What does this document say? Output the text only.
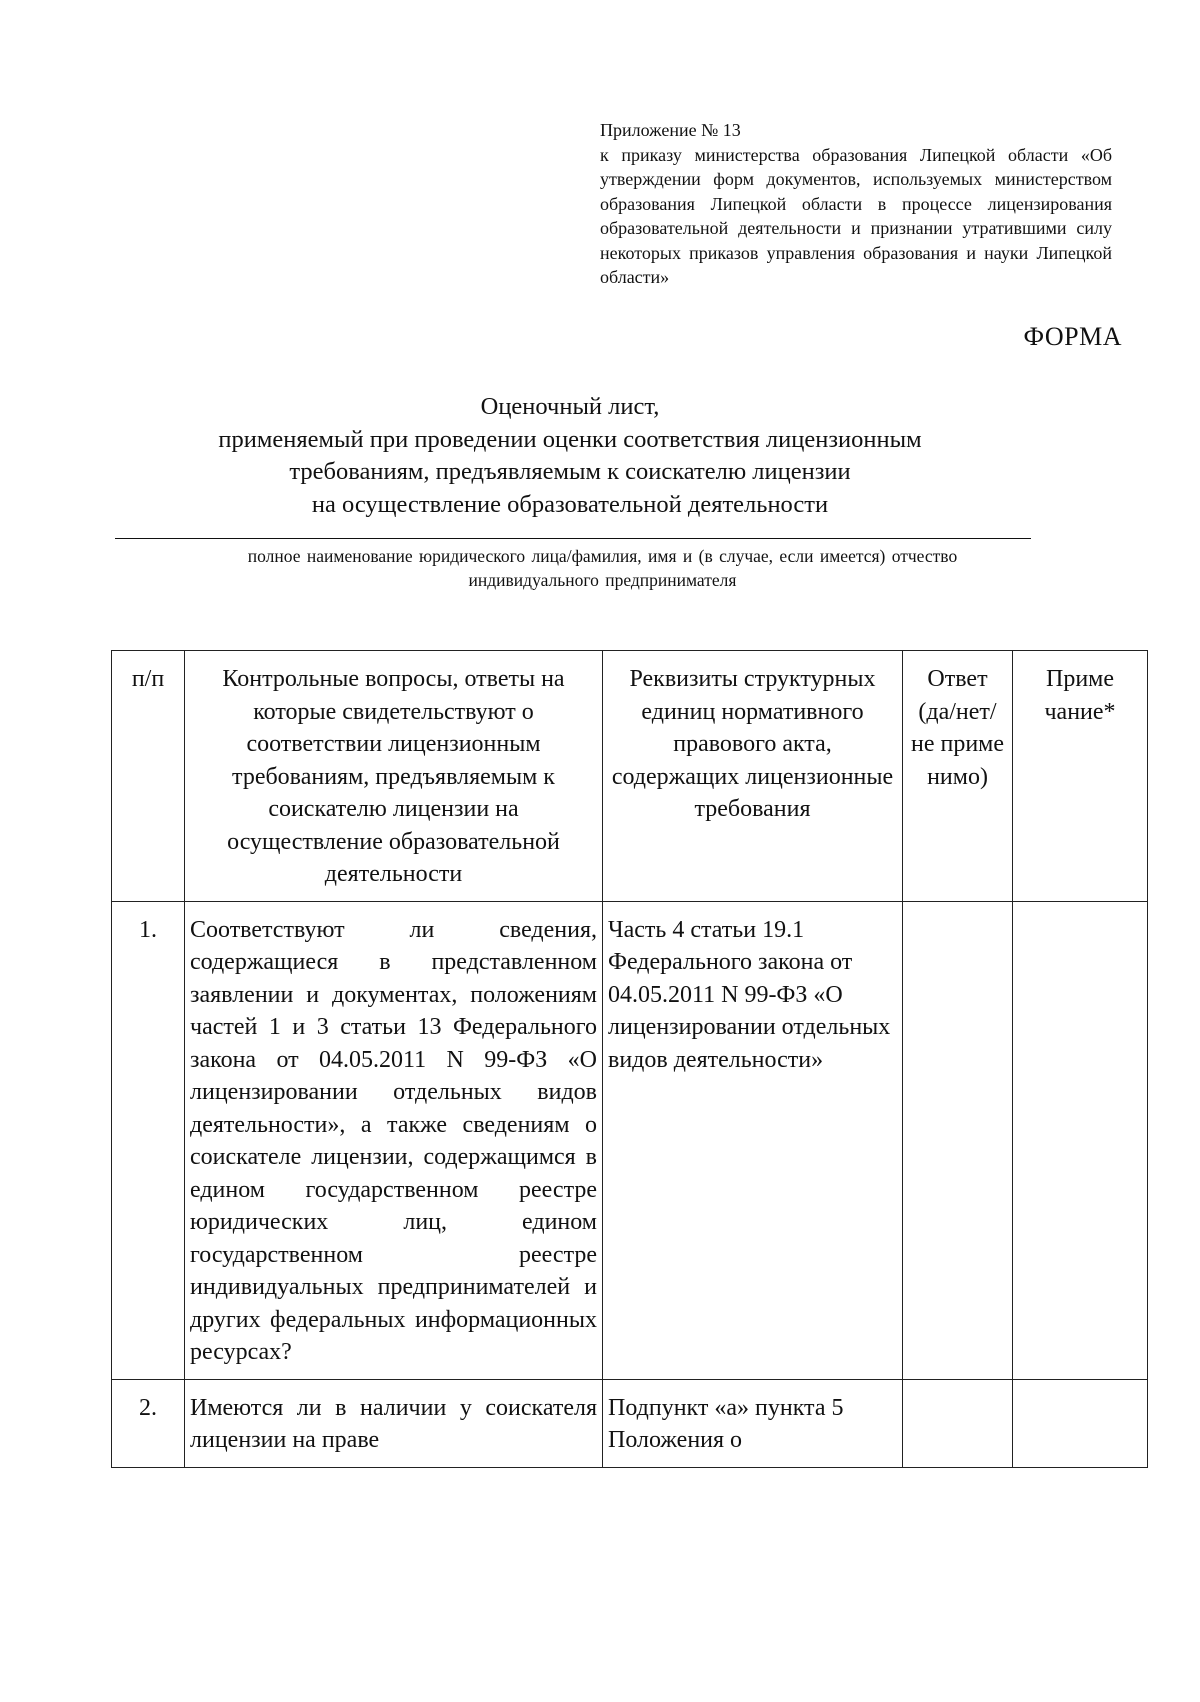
Приложение № 13
к приказу министерства образования Липецкой области «Об утверждении форм документов, используемых министерством образования Липецкой области в процессе лицензирования образовательной деятельности и признании утратившими силу некоторых приказов управления образования и науки Липецкой области»
ФОРМА
Оценочный лист,
применяемый при проведении оценки соответствия лицензионным
требованиям, предъявляемым к соискателю лицензии
на осуществление образовательной деятельности
полное наименование юридического лица/фамилия, имя и (в случае, если имеется) отчество индивидуального предпринимателя
п/п	Контрольные вопросы, ответы на которые свидетельствуют о соответствии лицензионным требованиям, предъявляемым к соискателю лицензии на осуществление образовательной деятельности	Реквизиты структурных единиц нормативного правового акта, содержащих лицензионные требования	Ответ (да/нет/ не приме нимо)	Приме чание*
1.	Соответствуют ли сведения, содержащиеся в представленном заявлении и документах, положениям частей 1 и 3 статьи 13 Федерального закона от 04.05.2011 N 99-ФЗ «О лицензировании отдельных видов деятельности», а также сведениям о соискателе лицензии, содержащимся в едином государственном реестре юридических лиц, едином государственном реестре индивидуальных предпринимателей и других федеральных информационных ресурсах?	Часть 4 статьи 19.1 Федерального закона от 04.05.2011 N 99-ФЗ «О лицензировании отдельных видов деятельности»		
2.	Имеются ли в наличии у соискателя лицензии на праве	Подпункт «а» пункта 5 Положения о		
